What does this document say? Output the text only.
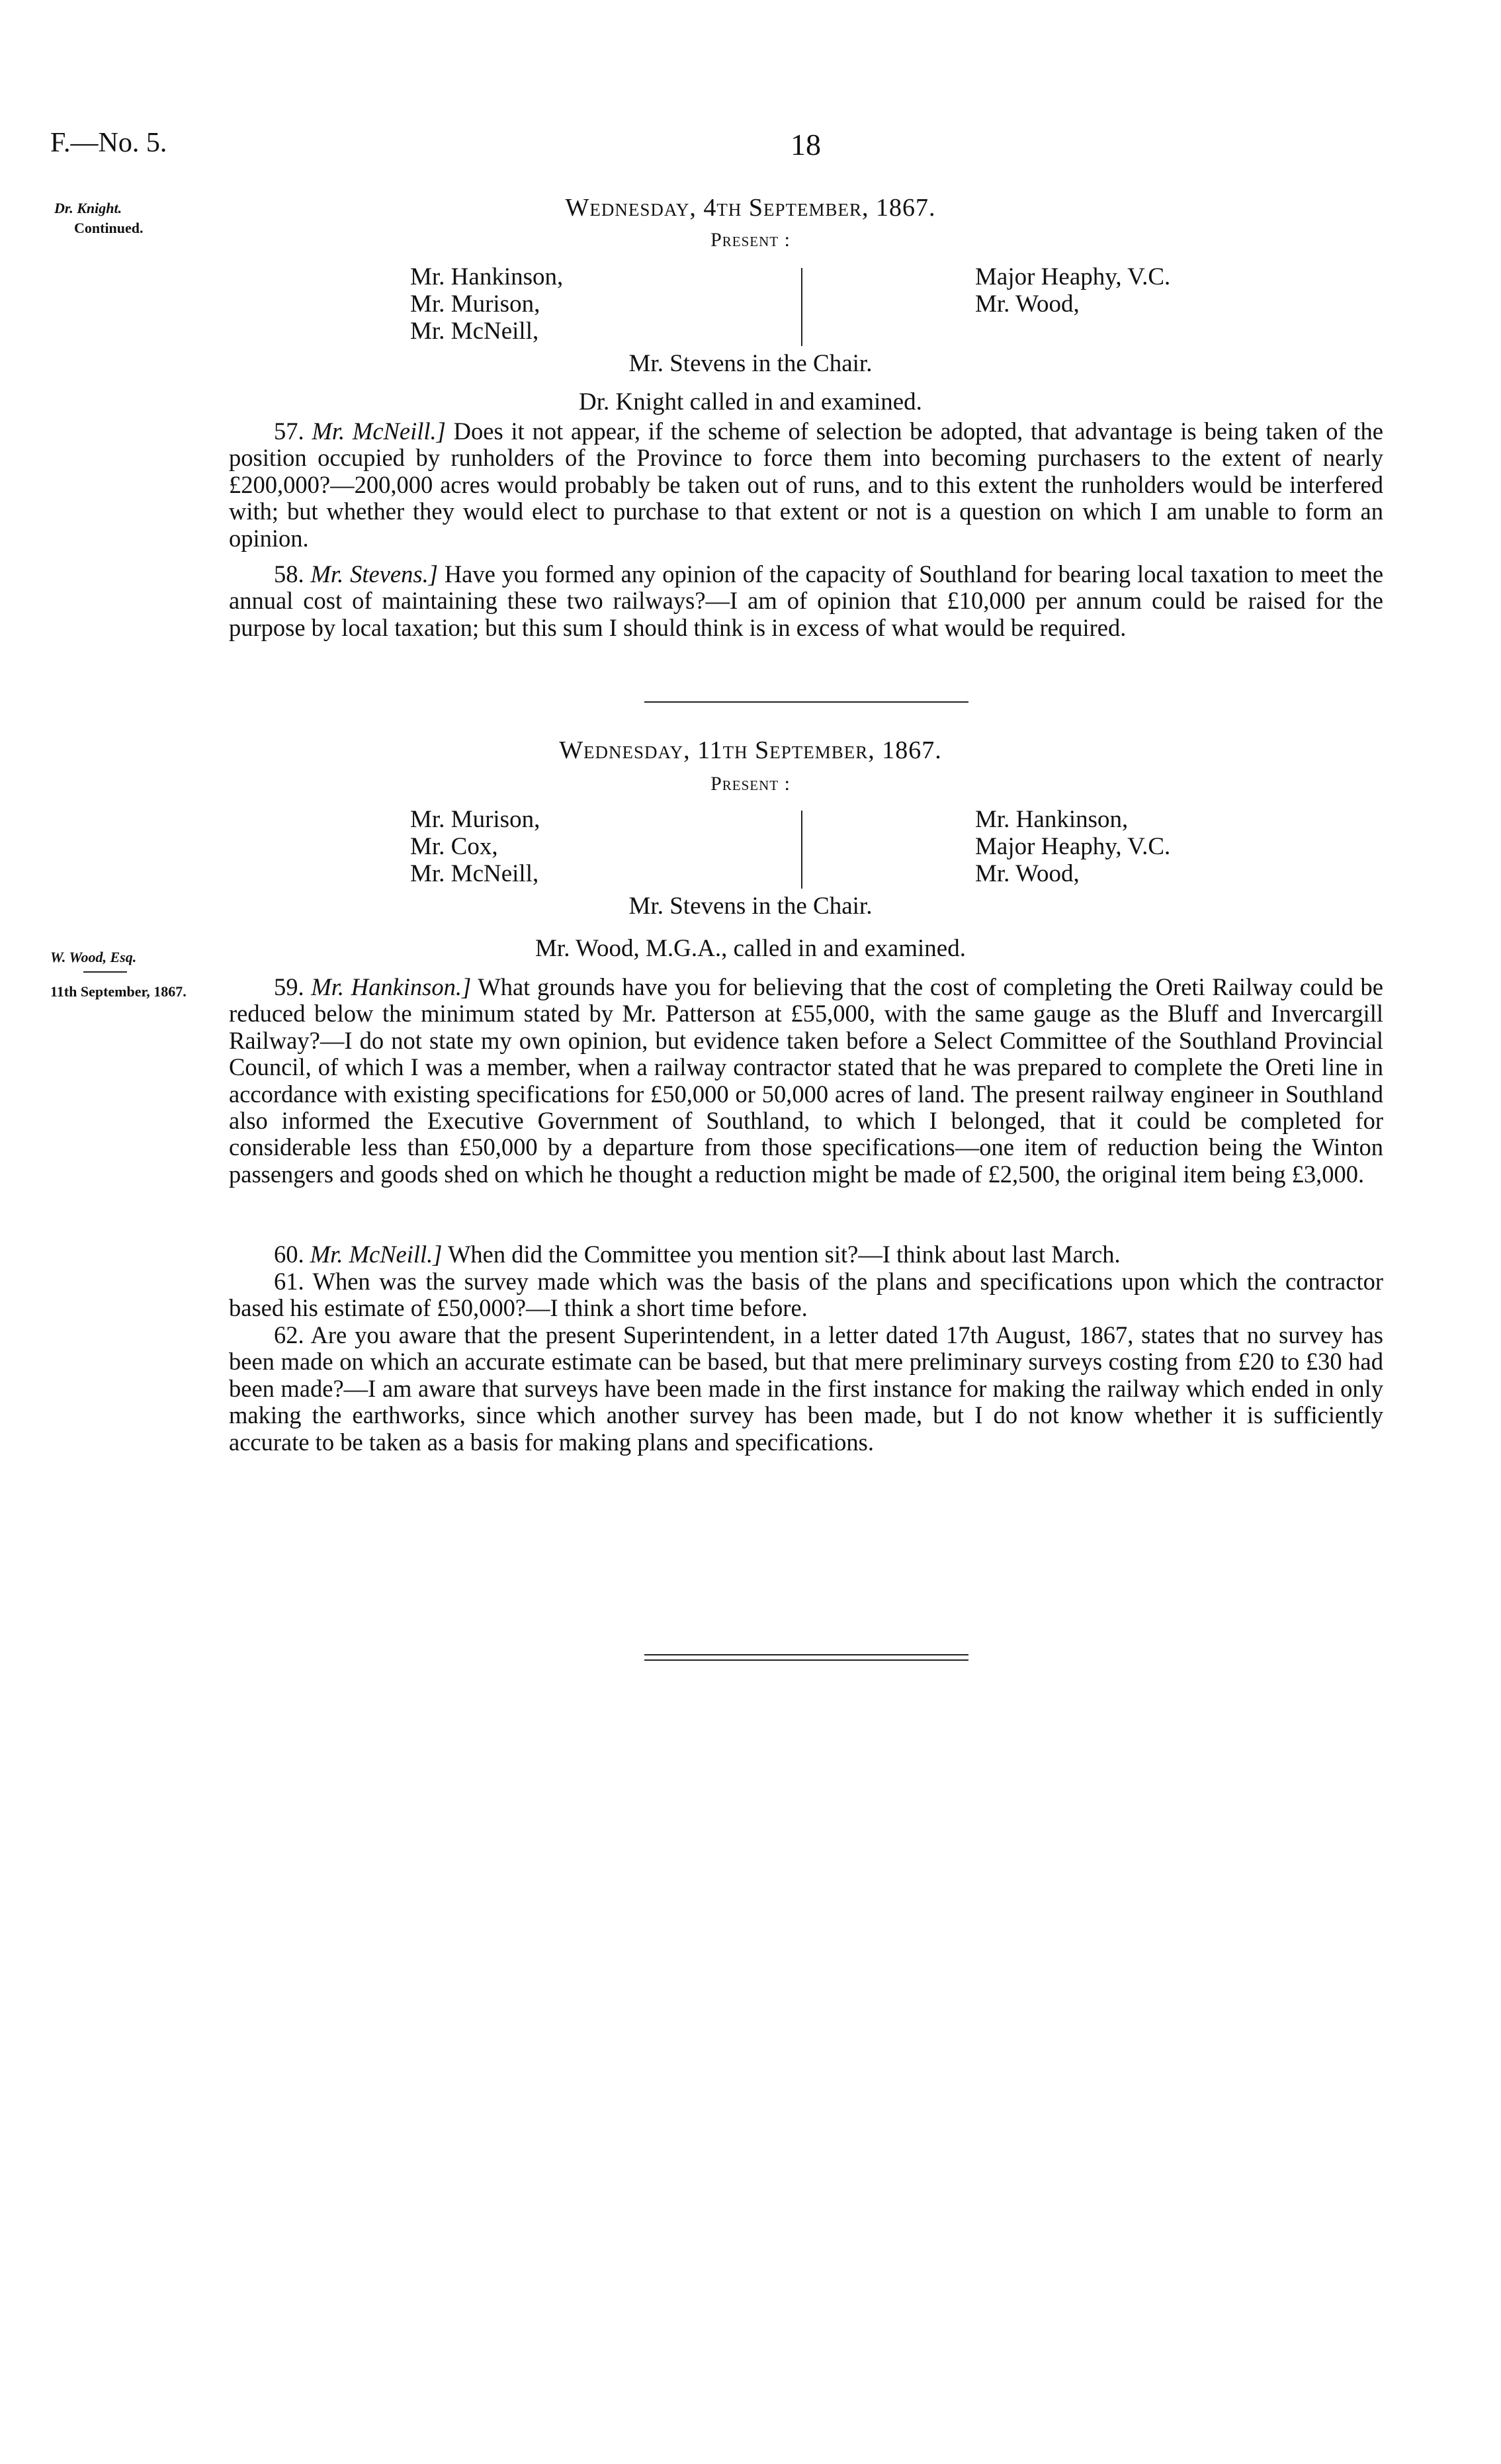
F.—No. 5.	18
Dr. Knight.
Continued.
Wednesday, 4th September, 1867.
Present :
Mr. Hankinson,
Mr. Murison,
Mr. McNeill,
Major Heaphy, V.C.
Mr. Wood,
Mr. Stevens in the Chair.
Dr. Knight called in and examined.
57. Mr. McNeill.] Does it not appear, if the scheme of selection be adopted, that advantage is being taken of the position occupied by runholders of the Province to force them into becoming purchasers to the extent of nearly £200,000?—200,000 acres would probably be taken out of runs, and to this extent the runholders would be interfered with; but whether they would elect to purchase to that extent or not is a question on which I am unable to form an opinion.
58. Mr. Stevens.] Have you formed any opinion of the capacity of Southland for bearing local taxation to meet the annual cost of maintaining these two railways?—I am of opinion that £10,000 per annum could be raised for the purpose by local taxation; but this sum I should think is in excess of what would be required.
Wednesday, 11th September, 1867.
Present :
Mr. Murison,
Mr. Cox,
Mr. McNeill,
Mr. Hankinson,
Major Heaphy, V.C.
Mr. Wood,
Mr. Stevens in the Chair.
W. Wood, Esq.
11th September, 1867.
Mr. Wood, M.G.A., called in and examined.
59. Mr. Hankinson.] What grounds have you for believing that the cost of completing the Oreti Railway could be reduced below the minimum stated by Mr. Patterson at £55,000, with the same gauge as the Bluff and Invercargill Railway?—I do not state my own opinion, but evidence taken before a Select Committee of the Southland Provincial Council, of which I was a member, when a railway contractor stated that he was prepared to complete the Oreti line in accordance with existing specifications for £50,000 or 50,000 acres of land. The present railway engineer in Southland also informed the Executive Government of Southland, to which I belonged, that it could be completed for considerable less than £50,000 by a departure from those specifications—one item of reduction being the Winton passengers and goods shed on which he thought a reduction might be made of £2,500, the original item being £3,000.
60. Mr. McNeill.] When did the Committee you mention sit?—I think about last March.
61. When was the survey made which was the basis of the plans and specifications upon which the contractor based his estimate of £50,000?—I think a short time before.
62. Are you aware that the present Superintendent, in a letter dated 17th August, 1867, states that no survey has been made on which an accurate estimate can be based, but that mere preliminary surveys costing from £20 to £30 had been made?—I am aware that surveys have been made in the first instance for making the railway which ended in only making the earthworks, since which another survey has been made, but I do not know whether it is sufficiently accurate to be taken as a basis for making plans and specifications.
